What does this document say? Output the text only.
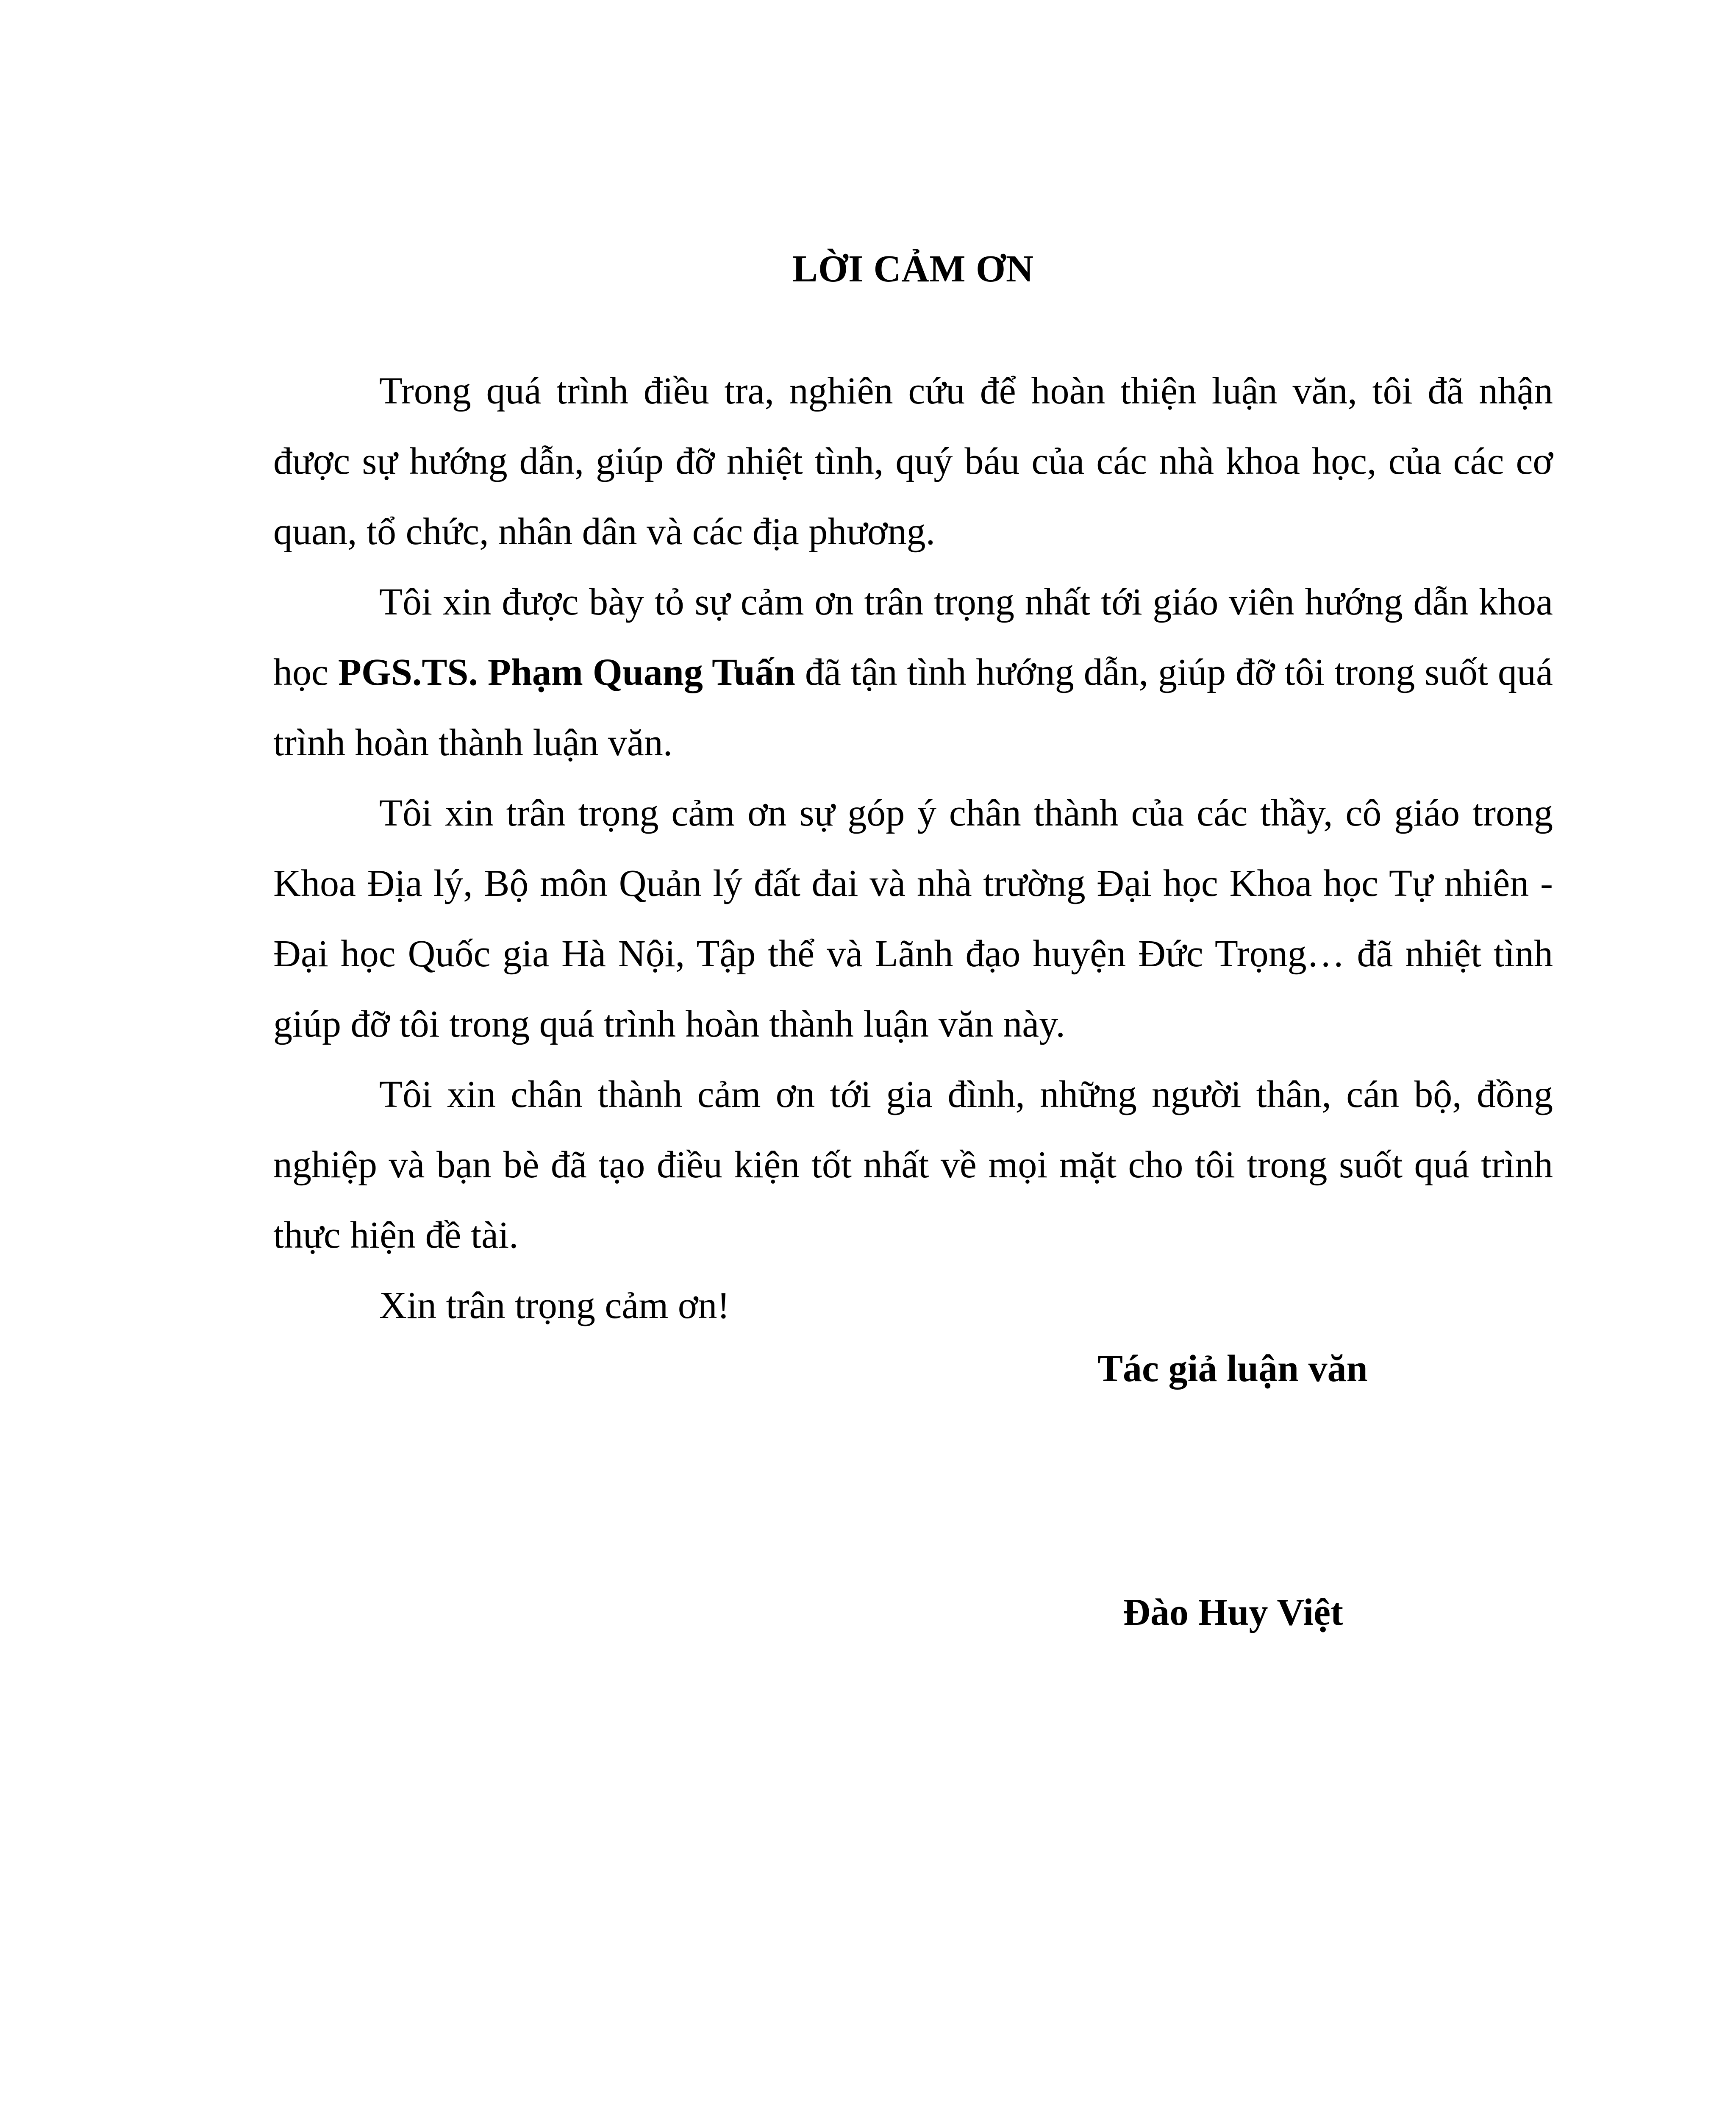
LỜI CẢM ƠN

Trong quá trình điều tra, nghiên cứu để hoàn thiện luận văn, tôi đã nhận được sự hướng dẫn, giúp đỡ nhiệt tình, quý báu của các nhà khoa học, của các cơ quan, tổ chức, nhân dân và các địa phương.

Tôi xin được bày tỏ sự cảm ơn trân trọng nhất tới giáo viên hướng dẫn khoa học PGS.TS. Phạm Quang Tuấn đã tận tình hướng dẫn, giúp đỡ tôi trong suốt quá trình hoàn thành luận văn.

Tôi xin trân trọng cảm ơn sự góp ý chân thành của các thầy, cô giáo trong Khoa Địa lý, Bộ môn Quản lý đất đai và nhà trường Đại học Khoa học Tự nhiên - Đại học Quốc gia Hà Nội, Tập thể và Lãnh đạo huyện Đức Trọng… đã nhiệt tình giúp đỡ tôi trong quá trình hoàn thành luận văn này.

Tôi xin chân thành cảm ơn tới gia đình, những người thân, cán bộ, đồng nghiệp và bạn bè đã tạo điều kiện tốt nhất về mọi mặt cho tôi trong suốt quá trình thực hiện đề tài.

Xin trân trọng cảm ơn!

Tác giả luận văn
Đào Huy Việt
